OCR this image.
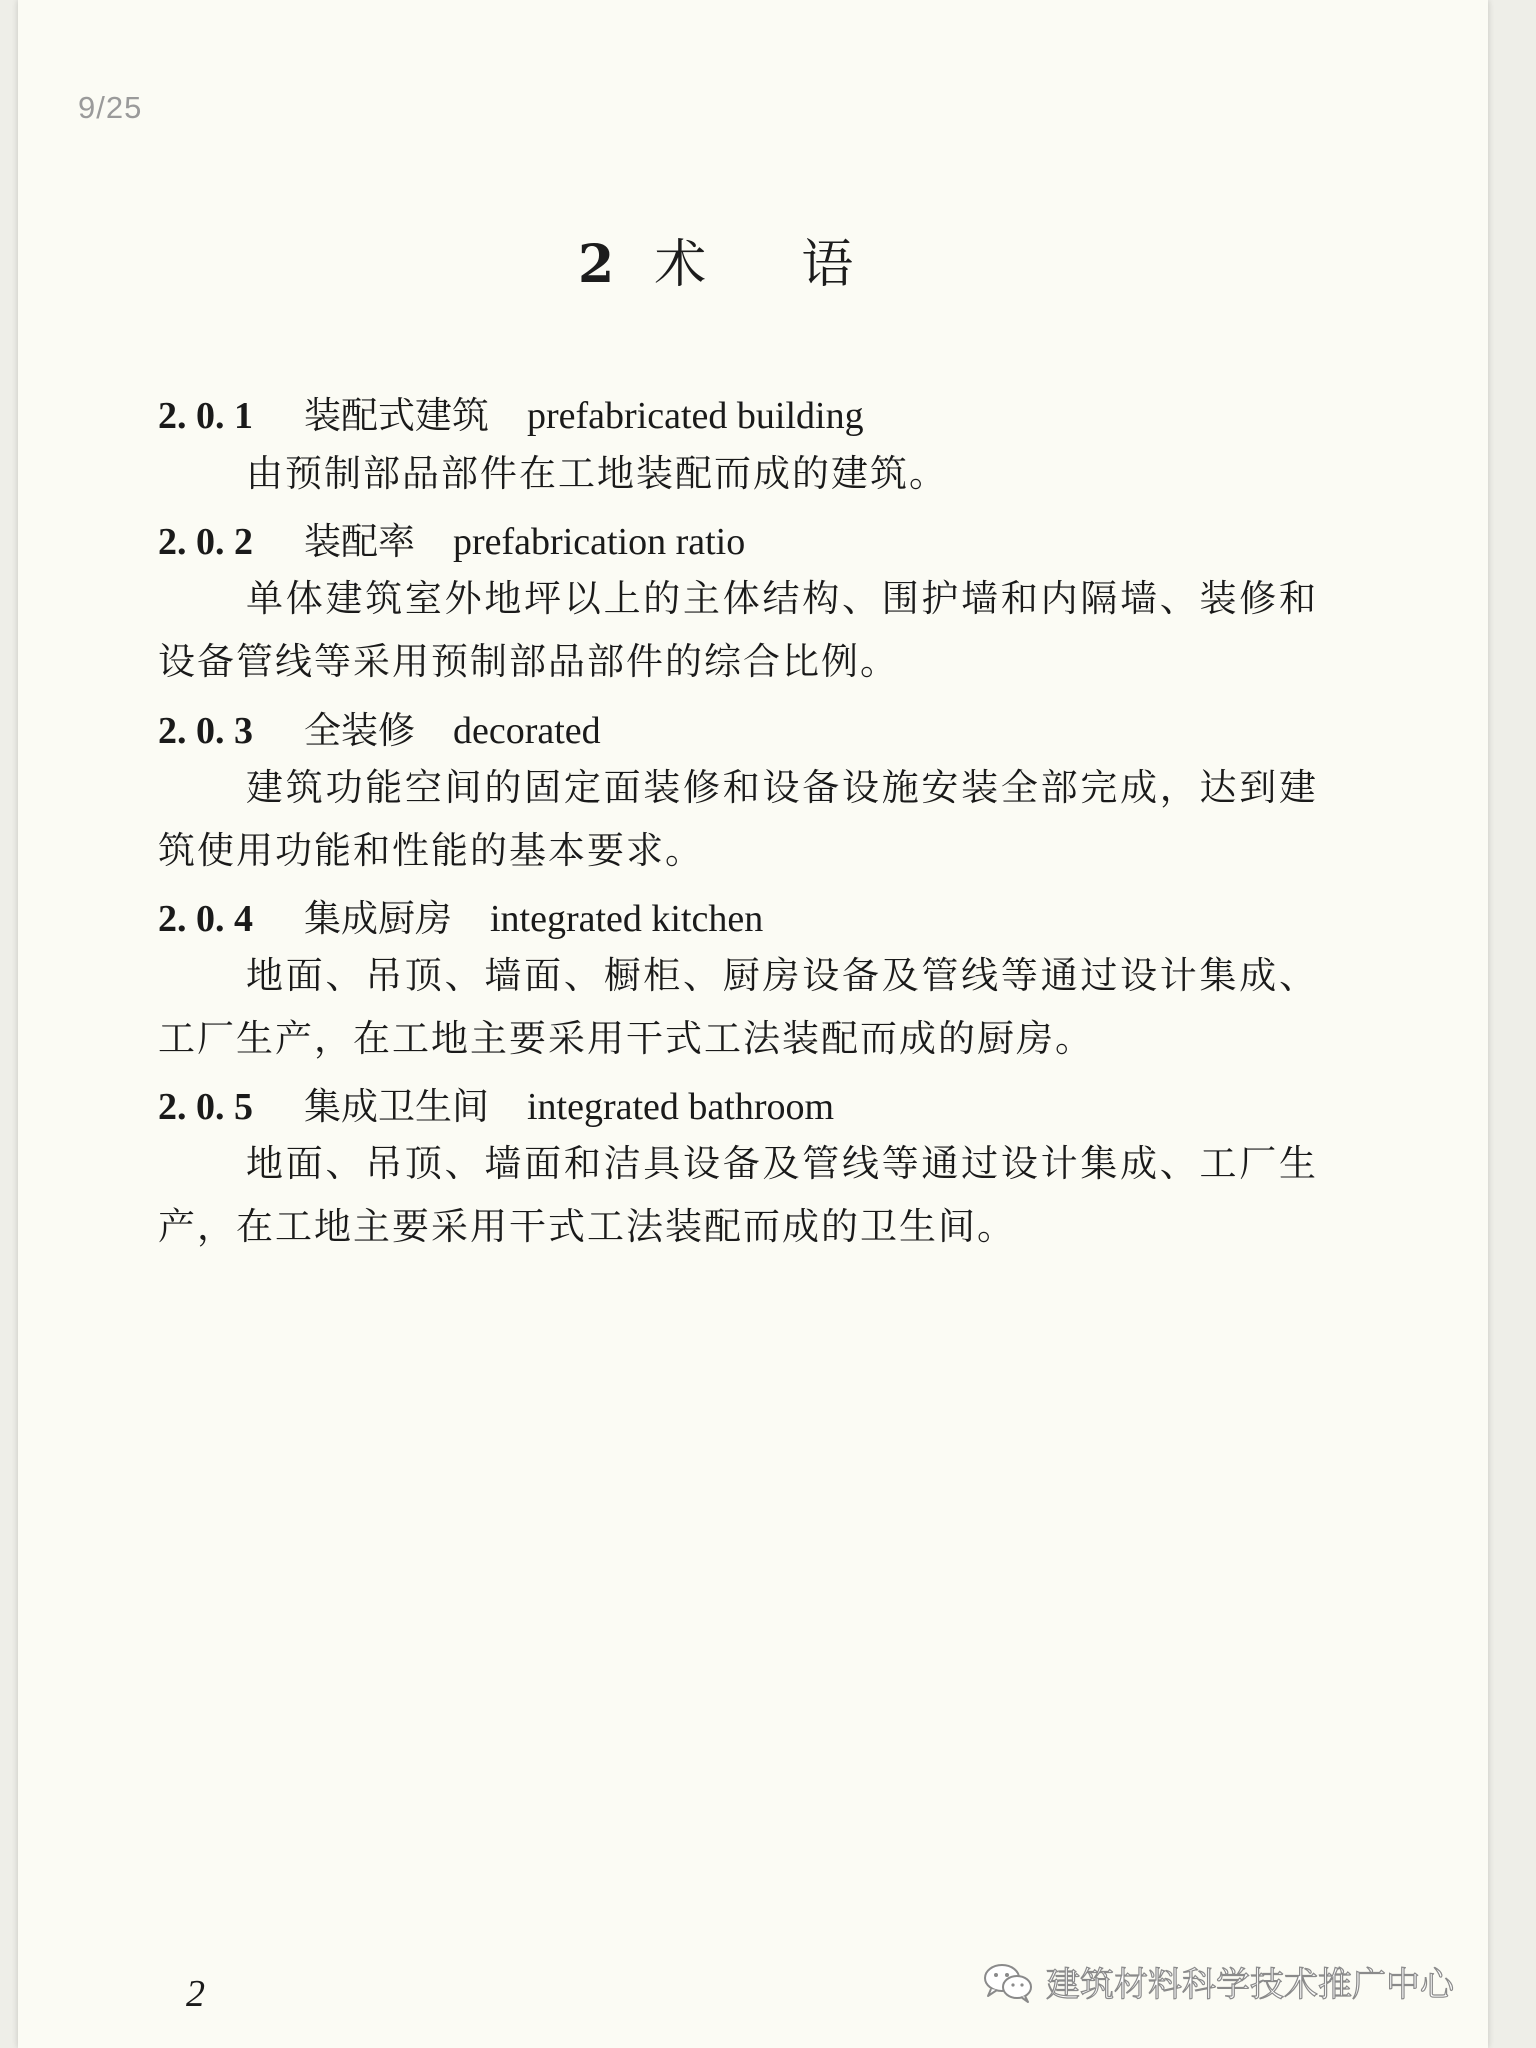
9/25
2 术 语
2. 0. 1 装配式建筑 prefabricated building
由预制部品部件在工地装配而成的建筑。
2. 0. 2 装配率 prefabrication ratio
单体建筑室外地坪以上的主体结构、围护墙和内隔墙、装修和设备管线等采用预制部品部件的综合比例。
2. 0. 3 全装修 decorated
建筑功能空间的固定面装修和设备设施安装全部完成，达到建筑使用功能和性能的基本要求。
2. 0. 4 集成厨房 integrated kitchen
地面、吊顶、墙面、橱柜、厨房设备及管线等通过设计集成、工厂生产，在工地主要采用干式工法装配而成的厨房。
2. 0. 5 集成卫生间 integrated bathroom
地面、吊顶、墙面和洁具设备及管线等通过设计集成、工厂生产，在工地主要采用干式工法装配而成的卫生间。
2	建筑材料科学技术推广中心
